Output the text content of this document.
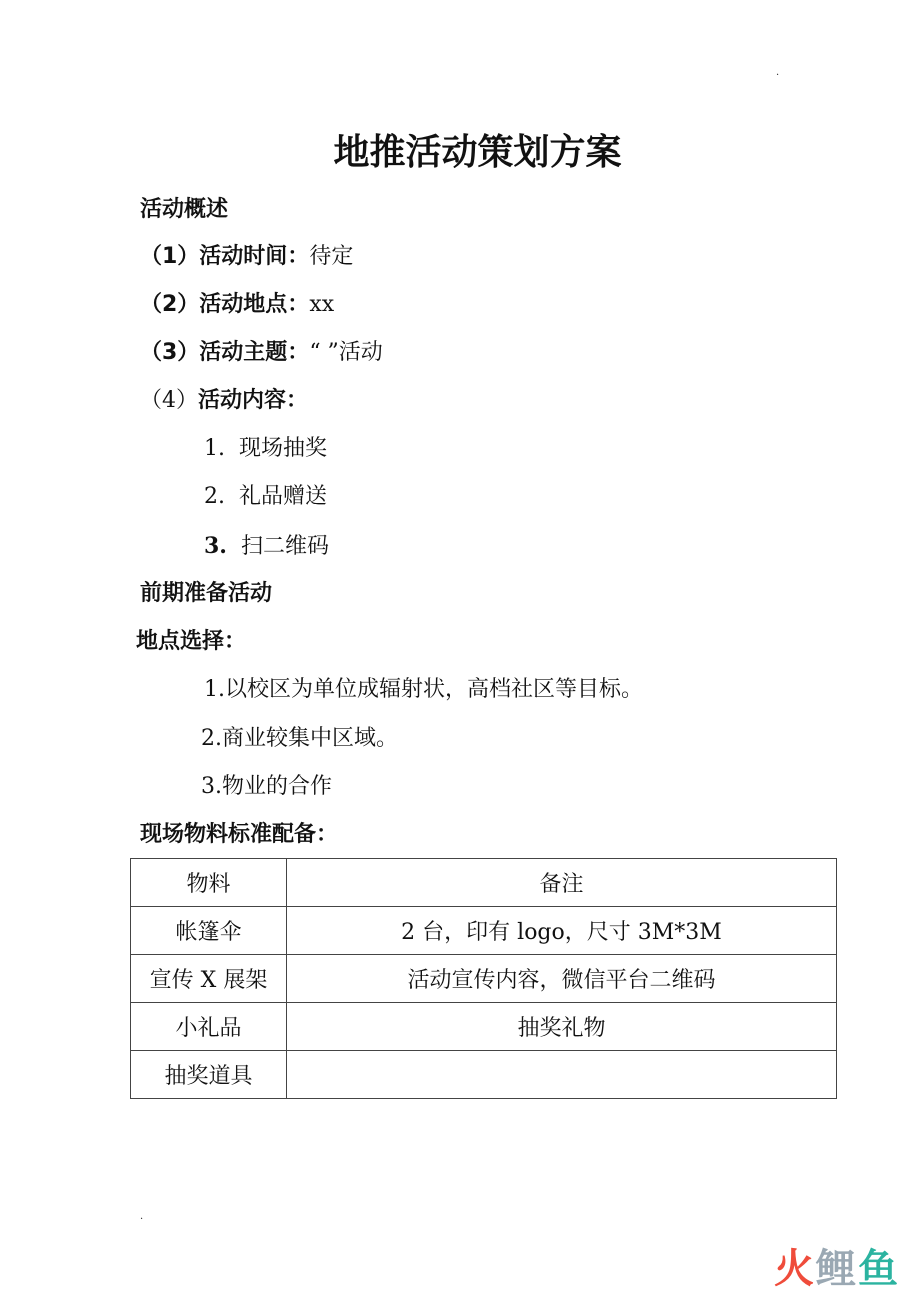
·
地推活动策划方案
活动概述
（1）活动时间：待定
（2）活动地点：xx
（3）活动主题：“ ”活动
（4）活动内容：
1. 现场抽奖
2. 礼品赠送
3. 扫二维码
前期准备活动
地点选择：
1.以校区为单位成辐射状，高档社区等目标。
2.商业较集中区域。
3.物业的合作
现场物料标准配备：
物料	备注
帐篷伞	2 台，印有 logo，尺寸 3M*3M
宣传 X 展架	活动宣传内容，微信平台二维码
小礼品	抽奖礼物
抽奖道具	
·
火鲤鱼
